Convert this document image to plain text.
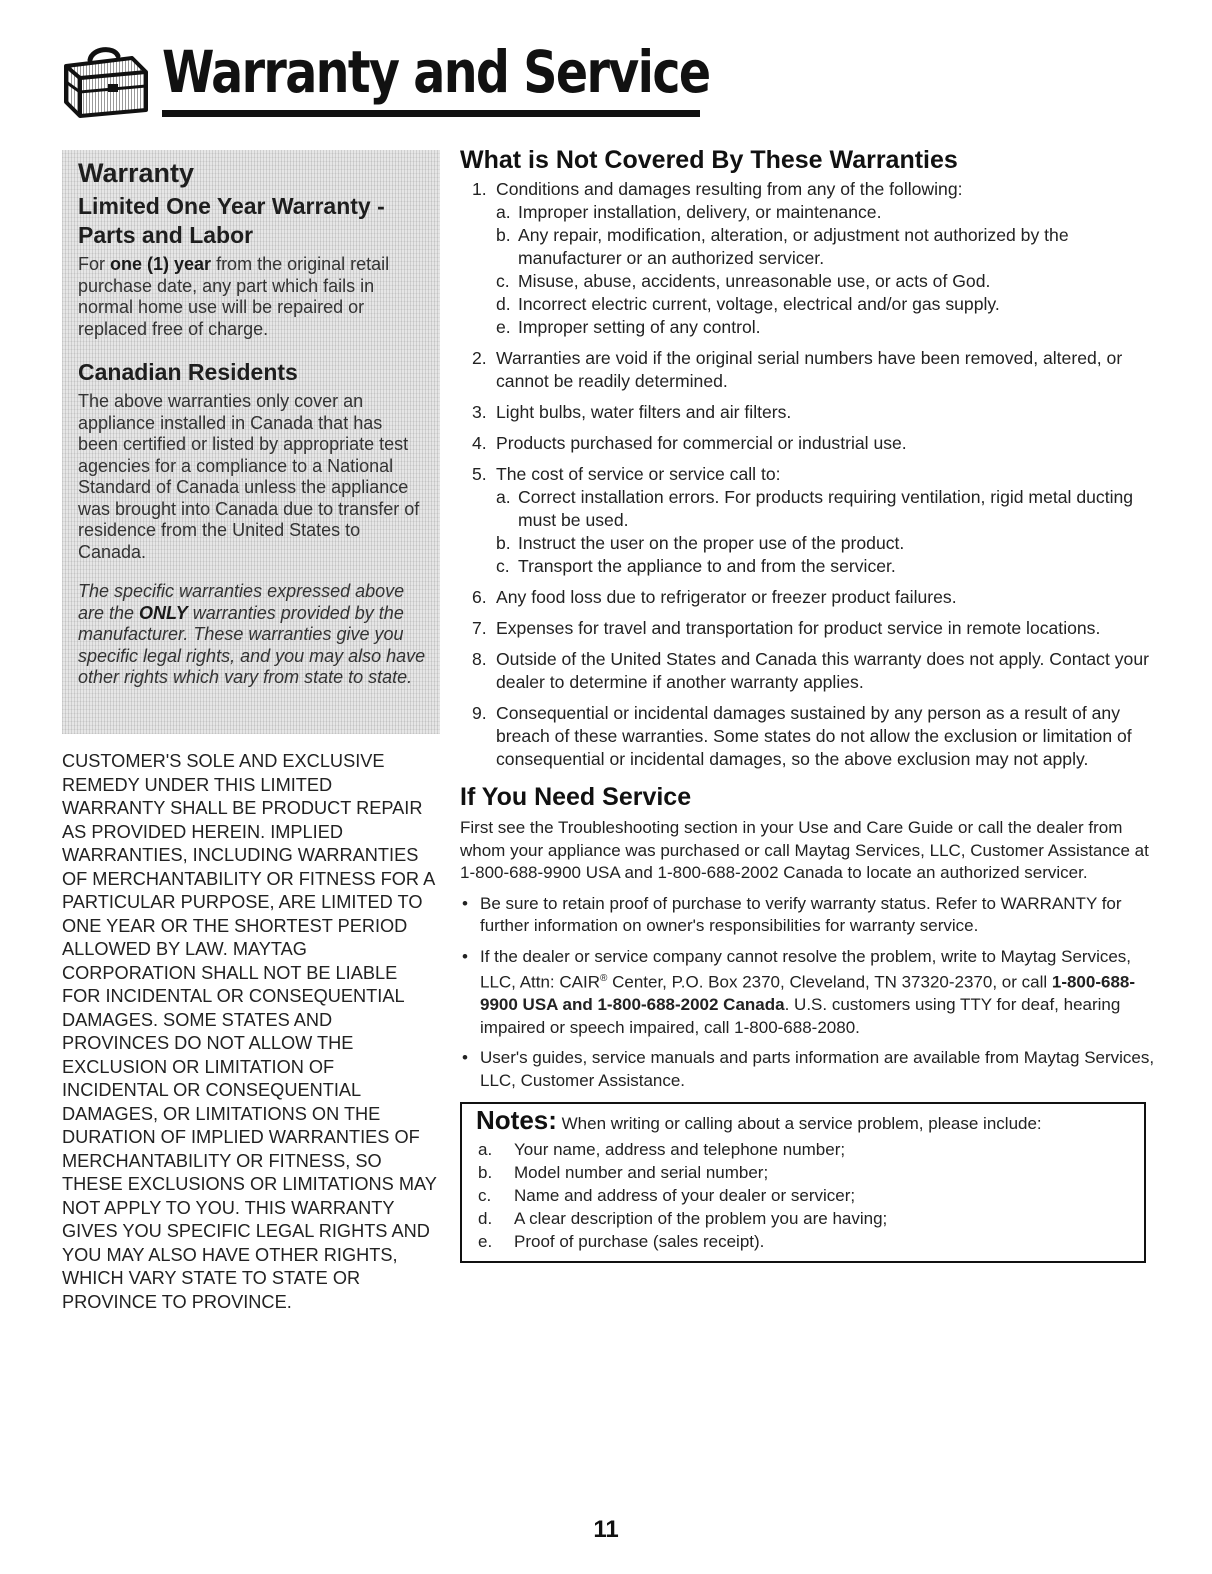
Warranty and Service
Warranty
Limited One Year Warranty - Parts and Labor

For one (1) year from the original retail purchase date, any part which fails in normal home use will be repaired or replaced free of charge.

Canadian Residents

The above warranties only cover an appliance installed in Canada that has been certified or listed by appropriate test agencies for a compliance to a National Standard of Canada unless the appliance was brought into Canada due to transfer of residence from the United States to Canada.

The specific warranties expressed above are the ONLY warranties provided by the manufacturer. These warranties give you specific legal rights, and you may also have other rights which vary from state to state.

CUSTOMER'S SOLE AND EXCLUSIVE REMEDY UNDER THIS LIMITED WARRANTY SHALL BE PRODUCT REPAIR AS PROVIDED HEREIN. IMPLIED WARRANTIES, INCLUDING WARRANTIES OF MERCHANTABILITY OR FITNESS FOR A PARTICULAR PURPOSE, ARE LIMITED TO ONE YEAR OR THE SHORTEST PERIOD ALLOWED BY LAW. MAYTAG CORPORATION SHALL NOT BE LIABLE FOR INCIDENTAL OR CONSEQUENTIAL DAMAGES. SOME STATES AND PROVINCES DO NOT ALLOW THE EXCLUSION OR LIMITATION OF INCIDENTAL OR CONSEQUENTIAL DAMAGES, OR LIMITATIONS ON THE DURATION OF IMPLIED WARRANTIES OF MERCHANTABILITY OR FITNESS, SO THESE EXCLUSIONS OR LIMITATIONS MAY NOT APPLY TO YOU. THIS WARRANTY GIVES YOU SPECIFIC LEGAL RIGHTS AND YOU MAY ALSO HAVE OTHER RIGHTS, WHICH VARY STATE TO STATE OR PROVINCE TO PROVINCE.
What is Not Covered By These Warranties
1. Conditions and damages resulting from any of the following:
a. Improper installation, delivery, or maintenance.
b. Any repair, modification, alteration, or adjustment not authorized by the manufacturer or an authorized servicer.
c. Misuse, abuse, accidents, unreasonable use, or acts of God.
d. Incorrect electric current, voltage, electrical and/or gas supply.
e. Improper setting of any control.
2. Warranties are void if the original serial numbers have been removed, altered, or cannot be readily determined.
3. Light bulbs, water filters and air filters.
4. Products purchased for commercial or industrial use.
5. The cost of service or service call to:
a. Correct installation errors. For products requiring ventilation, rigid metal ducting must be used.
b. Instruct the user on the proper use of the product.
c. Transport the appliance to and from the servicer.
6. Any food loss due to refrigerator or freezer product failures.
7. Expenses for travel and transportation for product service in remote locations.
8. Outside of the United States and Canada this warranty does not apply. Contact your dealer to determine if another warranty applies.
9. Consequential or incidental damages sustained by any person as a result of any breach of these warranties. Some states do not allow the exclusion or limitation of consequential or incidental damages, so the above exclusion may not apply.
If You Need Service

First see the Troubleshooting section in your Use and Care Guide or call the dealer from whom your appliance was purchased or call Maytag Services, LLC, Customer Assistance at 1-800-688-9900 USA and 1-800-688-2002 Canada to locate an authorized servicer.

• Be sure to retain proof of purchase to verify warranty status. Refer to WARRANTY for further information on owner's responsibilities for warranty service.
• If the dealer or service company cannot resolve the problem, write to Maytag Services, LLC, Attn: CAIR® Center, P.O. Box 2370, Cleveland, TN 37320-2370, or call 1-800-688-9900 USA and 1-800-688-2002 Canada. U.S. customers using TTY for deaf, hearing impaired or speech impaired, call 1-800-688-2080.
• User's guides, service manuals and parts information are available from Maytag Services, LLC, Customer Assistance.
Notes: When writing or calling about a service problem, please include:
a. Your name, address and telephone number;
b. Model number and serial number;
c. Name and address of your dealer or servicer;
d. A clear description of the problem you are having;
e. Proof of purchase (sales receipt).
11
